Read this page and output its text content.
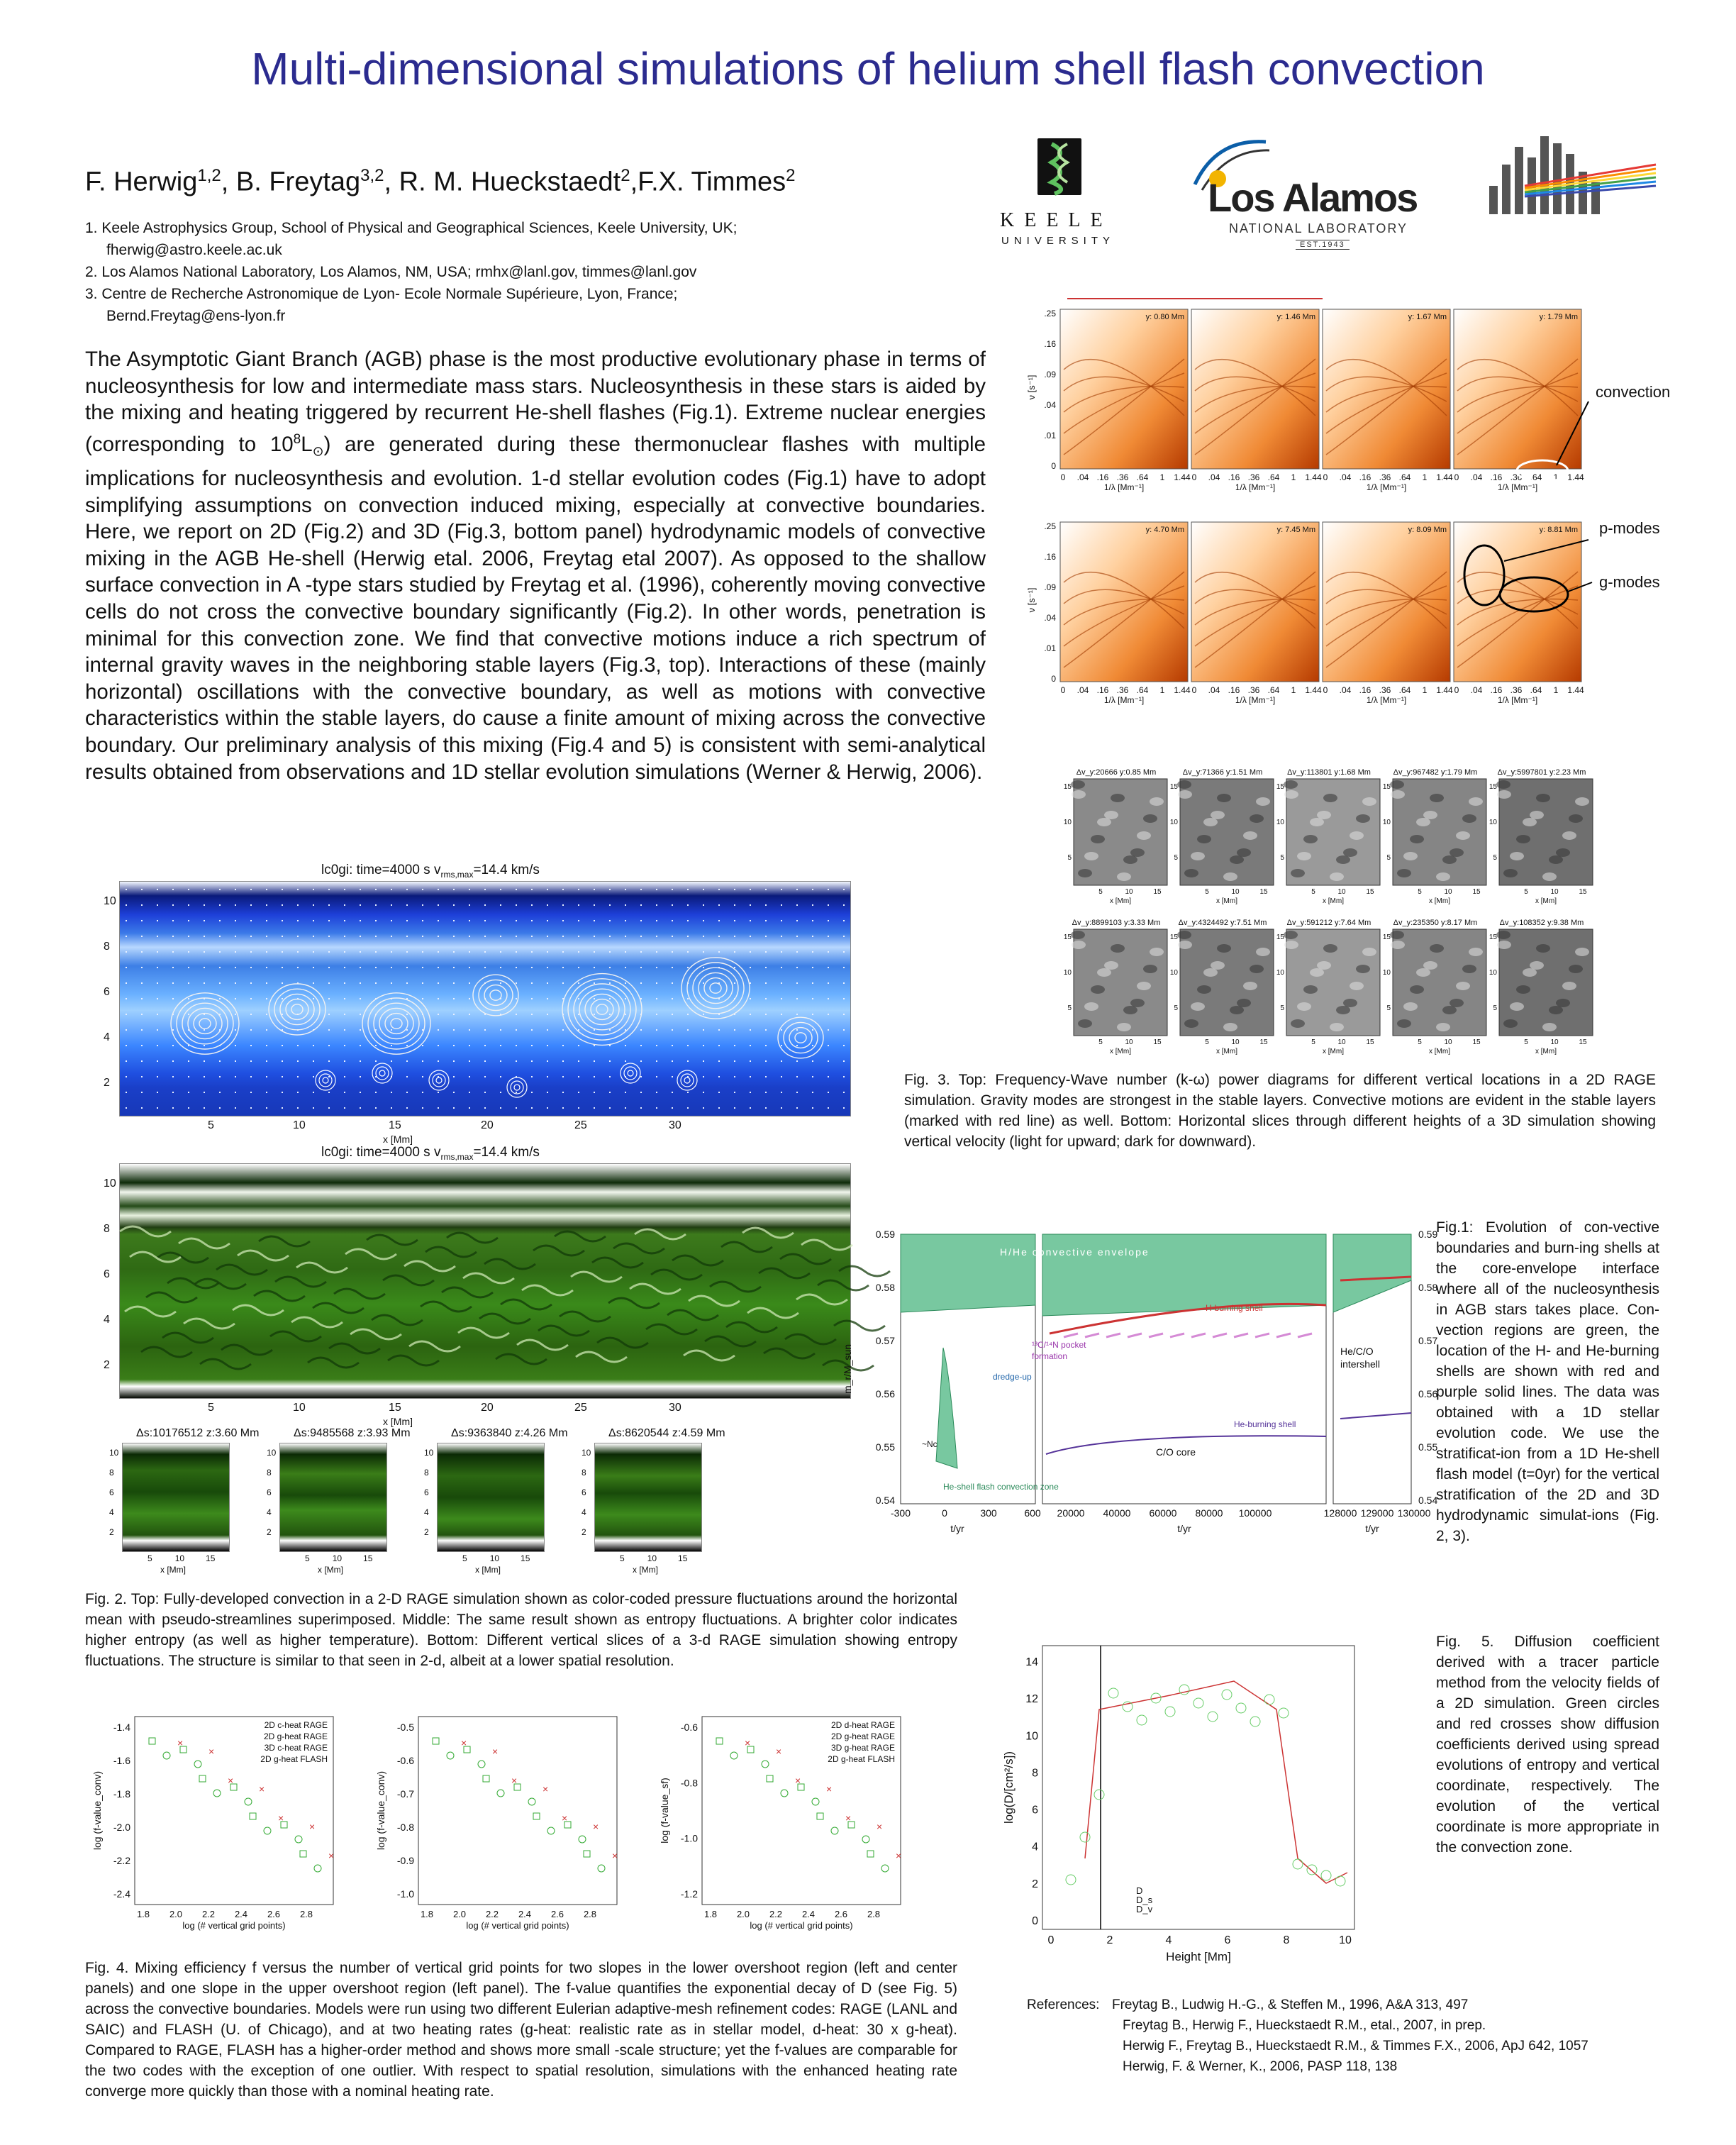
Multi-dimensional simulations of helium shell flash convection
F. Herwig$^{1,2}$, B. Freytag$^{3,2}$, R. M. Hueckstaedt$^2$,F.X. Timmes$^2$
1. Keele Astrophysics Group, School of Physical and Geographical Sciences, Keele University, UK;
fherwig@astro.keele.ac.uk
2. Los Alamos National Laboratory, Los Alamos, NM, USA; rmhx@lanl.gov, timmes@lanl.gov
3. Centre de Recherche Astronomique de Lyon- Ecole Normale Supérieure, Lyon, France;
Bernd.Freytag@ens-lyon.fr
KEELE
UNIVERSITY
Los Alamos
NATIONAL LABORATORY
EST.1943
The Asymptotic Giant Branch (AGB) phase is the most productive evolutionary phase in terms of nucleosynthesis for low and intermediate mass stars. Nucleosynthesis in these stars is aided by the mixing and heating triggered by recurrent He-shell flashes (Fig.1). Extreme nuclear energies (corresponding to $10^8L_⊙$) are generated during these thermonuclear flashes with multiple implications for nucleosynthesis and evolution. 1-d stellar evolution codes (Fig.1) have to adopt simplifying assumptions on convection induced mixing, especially at convective boundaries. Here, we report on 2D (Fig.2) and 3D (Fig.3, bottom panel) hydrodynamic models of convective mixing in the AGB He-shell (Herwig etal. 2006, Freytag etal 2007). As opposed to the shallow surface convection in A -type stars studied by Freytag et al. (1996), coherently moving convective cells do not cross the convective boundary significantly (Fig.2). In other words, penetration is minimal for this convection zone. We find that convective motions induce a rich spectrum of internal gravity waves in the neighboring stable layers (Fig.3, top). Interactions of these (mainly horizontal) oscillations with the convective boundary, as well as motions with convective characteristics within the stable layers, do cause a finite amount of mixing across the convective boundary. Our preliminary analysis of this mixing (Fig.4 and 5) is consistent with semi-analytical results obtained from observations and 1D stellar evolution simulations (Werner & Herwig, 2006).
lc0gi: time=4000 s $v_{rms,max}=14.4$ km/s
10
8
6
4
2
5	10	15	20	25	30
x [Mm]
lc0gi: time=4000 s $v_{rms,max}=14.4$ km/s
10
8
6
4
2
5	10	15	20	25	30
x [Mm]
Δs:10176512 z:3.60 Mm
10
8
6
4
2
5	10	15
x [Mm]
Δs:9485568 z:3.93 Mm
10
8
6
4
2
5	10	15
x [Mm]
Δs:9363840 z:4.26 Mm
10
8
6
4
2
5	10	15
x [Mm]
Δs:8620544 z:4.59 Mm
10
8
6
4
2
5	10	15
x [Mm]
Fig. 2. Top: Fully-developed convection in a 2-D RAGE simulation shown as color-coded pressure fluctuations around the horizontal mean with pseudo-streamlines superimposed. Middle: The same result shown as entropy fluctuations. A brighter color indicates higher entropy (as well as higher temperature). Bottom: Different vertical slices of a 3-d RAGE simulation showing entropy fluctuations. The structure is similar to that seen in 2-d, albeit at a lower spatial resolution.
-1.4
-1.6
-1.8
-2.0
-2.2
-2.4
log (f-value_conv)
1.8 2.0 2.2 2.4 2.6 2.8
log (# vertical grid points)
×
×
×
×
×
×
×
2D c-heat RAGE
2D g-heat RAGE
3D c-heat RAGE
2D g-heat FLASH
-0.5
-0.6
-0.7
-0.8
-0.9
-1.0
log (f-value_conv)
1.8 2.0 2.2 2.4 2.6 2.8
log (# vertical grid points)
×
×
×
×
×
×
×
-0.6
-0.8
-1.0
-1.2
log (f-value_sf)
1.8 2.0 2.2 2.4 2.6 2.8
log (# vertical grid points)
×
×
×
×
×
×
×
2D d-heat RAGE
2D g-heat RAGE
3D g-heat RAGE
2D g-heat FLASH
Fig. 4. Mixing efficiency f versus the number of vertical grid points for two slopes in the lower overshoot region (left and center panels) and one slope in the upper overshoot region (left panel). The f-value quantifies the exponential decay of D (see Fig. 5) across the convective boundaries. Models were run using two different Eulerian adaptive-mesh refinement codes: RAGE (LANL and SAIC) and FLASH (U. of Chicago), and at two heating rates (g-heat: realistic rate as in stellar model, d-heat: 30 x g-heat). Compared to RAGE, FLASH has a higher-order method and shows more small -scale structure; yet the f-values are comparable for the two codes with the exception of one outlier. With respect to spatial resolution, simulations with the enhanced heating rate converge more quickly than those with a nominal heating rate.
y: 0.80 Mm
0 .04 .16 .36 .64 1 1.44
1/λ [Mm⁻¹]
y: 1.46 Mm
0 .04 .16 .36 .64 1 1.44
1/λ [Mm⁻¹]
y: 1.67 Mm
0 .04 .16 .36 .64 1 1.44
1/λ [Mm⁻¹]
y: 1.79 Mm
0 .04 .16 .36 .64 1 1.44
1/λ [Mm⁻¹]
.25
.16
.09
.04
.01
0
ν [s⁻¹]
y: 4.70 Mm
0 .04 .16 .36 .64 1 1.44
1/λ [Mm⁻¹]
y: 7.45 Mm
0 .04 .16 .36 .64 1 1.44
1/λ [Mm⁻¹]
y: 8.09 Mm
0 .04 .16 .36 .64 1 1.44
1/λ [Mm⁻¹]
y: 8.81 Mm
0 .04 .16 .36 .64 1 1.44
1/λ [Mm⁻¹]
.25
.16
.09
.04
.01
0
ν [s⁻¹]
convection
p-modes
g-modes
Δv_y:20666 y:0.85 Mm
15
10
5
5	10	15
x [Mm]
Δv_y:71366 y:1.51 Mm
15
10
5
5	10	15
x [Mm]
Δv_y:113801 y:1.68 Mm
15
10
5
5	10	15
x [Mm]
Δv_y:967482 y:1.79 Mm
15
10
5
5	10	15
x [Mm]
Δv_y:5997801 y:2.23 Mm
15
10
5
5	10	15
x [Mm]
Δv_y:8899103 y:3.33 Mm
15
10
5
5	10	15
x [Mm]
Δv_y:4324492 y:7.51 Mm
15
10
5
5	10	15
x [Mm]
Δv_y:591212 y:7.64 Mm
15
10
5
5	10	15
x [Mm]
Δv_y:235350 y:8.17 Mm
15
10
5
5	10	15
x [Mm]
Δv_y:108352 y:9.38 Mm
15
10
5
5	10	15
x [Mm]
Fig. 3. Top: Frequency-Wave number (k-ω) power diagrams for different vertical locations in a 2D RAGE simulation. Gravity modes are strongest in the stable layers. Convective motions are evident in the stable layers (marked with red line) as well. Bottom: Horizontal slices through different heights of a 3D simulation showing vertical velocity (light for upward; dark for downward).
0.59	0.59
0.58	0.58
0.57	0.57
0.56	0.56
0.55	0.55
0.54	0.54
m_r/M_sun
-300	0	300	600 20000 40000 60000 80000 100000	128000 129000 130000
t/yr	t/yr	t/yr
H/He convective envelope
H-burning shell
¹³C/¹⁴N pocket
formation
dredge-up
He-burning shell
C/O core
He-shell flash convection zone
He/C/O
intershell
~Nc
Fig.1: Evolution of con-vective boundaries and burn-ing shells at the core-envelope interface where all of the nucleosynthesis in AGB stars takes place. Con-vection regions are green, the location of the H- and He-burning shells are shown with red and purple solid lines. The data was obtained with a 1D stellar evolution code. We use the stratificat-ion from a 1D He-shell flash model (t=0yr) for the vertical stratification of the 2D and 3D hydrodynamic simulat-ions (Fig. 2, 3).
14
12
10
8
6
4
2
0
0	2	4	6	8	10
Height [Mm]
log(D/[cm²/s])
D
D_s
D_v
Fig. 5. Diffusion coefficient derived with a tracer particle method from the velocity fields of a 2D simulation. Green circles and red crosses show diffusion coefficients derived using spread evolutions of entropy and vertical coordinate, respectively. The evolution of the vertical coordinate is more appropriate in the convection zone.
References: Freytag B., Ludwig H.-G., & Steffen M., 1996, A&A 313, 497
Freytag B., Herwig F., Hueckstaedt R.M., etal., 2007, in prep.
Herwig F., Freytag B., Hueckstaedt R.M., & Timmes F.X., 2006, ApJ 642, 1057
Herwig, F. & Werner, K., 2006, PASP 118, 138
